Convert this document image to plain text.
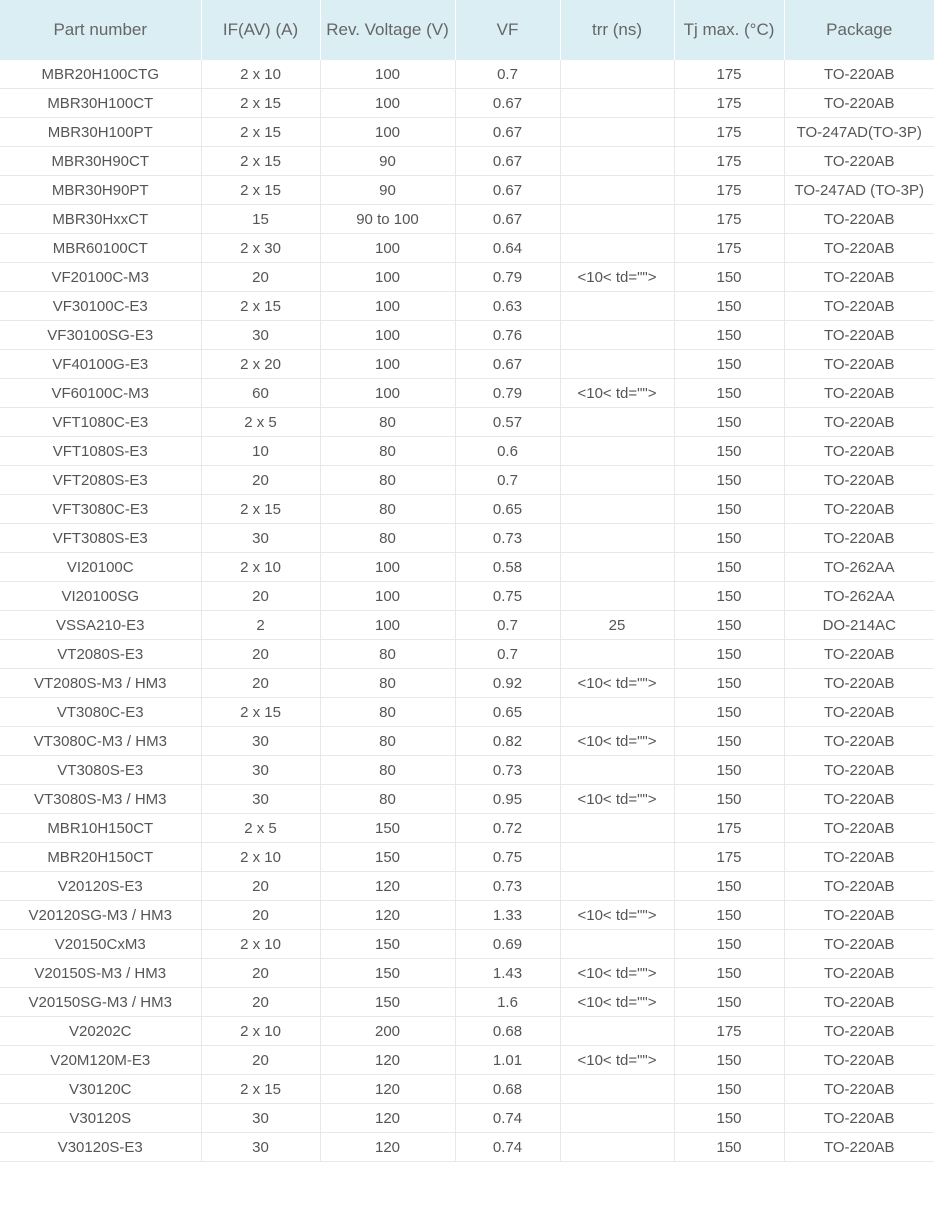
Part number	IF(AV) (A)	Rev. Voltage (V)	VF	trr (ns)	Tj max. (°C)	Package
MBR20H100CTG	2 x 10	100	0.7		175	TO-220AB
MBR30H100CT	2 x 15	100	0.67		175	TO-220AB
MBR30H100PT	2 x 15	100	0.67		175	TO-247AD(TO-3P)
MBR30H90CT	2 x 15	90	0.67		175	TO-220AB
MBR30H90PT	2 x 15	90	0.67		175	TO-247AD (TO-3P)
MBR30HxxCT	15	90 to 100	0.67		175	TO-220AB
MBR60100CT	2 x 30	100	0.64		175	TO-220AB
VF20100C-M3	20	100	0.79	<10< td="">	150	TO-220AB
VF30100C-E3	2 x 15	100	0.63		150	TO-220AB
VF30100SG-E3	30	100	0.76		150	TO-220AB
VF40100G-E3	2 x 20	100	0.67		150	TO-220AB
VF60100C-M3	60	100	0.79	<10< td="">	150	TO-220AB
VFT1080C-E3	2 x 5	80	0.57		150	TO-220AB
VFT1080S-E3	10	80	0.6		150	TO-220AB
VFT2080S-E3	20	80	0.7		150	TO-220AB
VFT3080C-E3	2 x 15	80	0.65		150	TO-220AB
VFT3080S-E3	30	80	0.73		150	TO-220AB
VI20100C	2 x 10	100	0.58		150	TO-262AA
VI20100SG	20	100	0.75		150	TO-262AA
VSSA210-E3	2	100	0.7	25	150	DO-214AC
VT2080S-E3	20	80	0.7		150	TO-220AB
VT2080S-M3 / HM3	20	80	0.92	<10< td="">	150	TO-220AB
VT3080C-E3	2 x 15	80	0.65		150	TO-220AB
VT3080C-M3 / HM3	30	80	0.82	<10< td="">	150	TO-220AB
VT3080S-E3	30	80	0.73		150	TO-220AB
VT3080S-M3 / HM3	30	80	0.95	<10< td="">	150	TO-220AB
MBR10H150CT	2 x 5	150	0.72		175	TO-220AB
MBR20H150CT	2 x 10	150	0.75		175	TO-220AB
V20120S-E3	20	120	0.73		150	TO-220AB
V20120SG-M3 / HM3	20	120	1.33	<10< td="">	150	TO-220AB
V20150CxM3	2 x 10	150	0.69		150	TO-220AB
V20150S-M3 / HM3	20	150	1.43	<10< td="">	150	TO-220AB
V20150SG-M3 / HM3	20	150	1.6	<10< td="">	150	TO-220AB
V20202C	2 x 10	200	0.68		175	TO-220AB
V20M120M-E3	20	120	1.01	<10< td="">	150	TO-220AB
V30120C	2 x 15	120	0.68		150	TO-220AB
V30120S	30	120	0.74		150	TO-220AB
V30120S-E3	30	120	0.74		150	TO-220AB
